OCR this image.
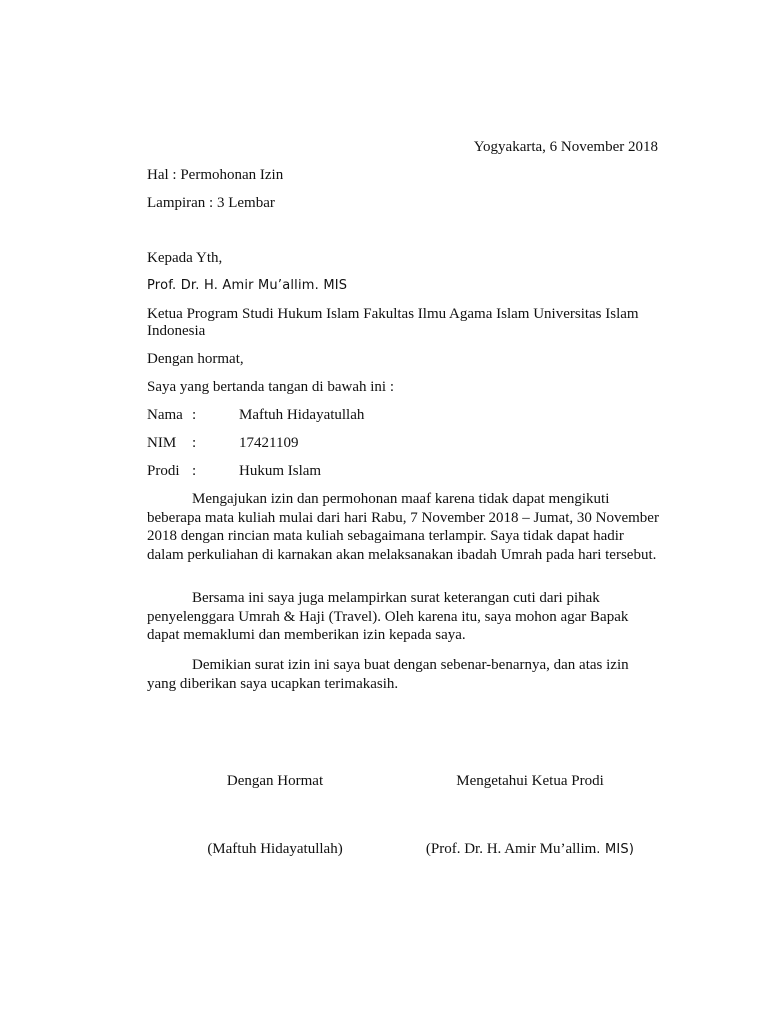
Yogyakarta, 6 November 2018
Hal : Permohonan Izin
Lampiran : 3 Lembar
Kepada Yth,
Prof. Dr. H. Amir Mu’allim. MIS
Ketua Program Studi Hukum Islam Fakultas Ilmu Agama Islam Universitas Islam
Indonesia
Dengan hormat,
Saya yang bertanda tangan di bawah ini :
Nama :	Maftuh Hidayatullah
NIM :	17421109
Prodi :	Hukum Islam

Mengajukan izin dan permohonan maaf karena tidak dapat mengikuti beberapa mata kuliah mulai dari hari Rabu, 7 November 2018 – Jumat, 30 November 2018 dengan rincian mata kuliah sebagaimana terlampir. Saya tidak dapat hadir dalam perkuliahan di karnakan akan melaksanakan ibadah Umrah pada hari tersebut.

Bersama ini saya juga melampirkan surat keterangan cuti dari pihak penyelenggara Umrah & Haji (Travel). Oleh karena itu, saya mohon agar Bapak dapat memaklumi dan memberikan izin kepada saya.

Demikian surat izin ini saya buat dengan sebenar-benarnya, dan atas izin yang diberikan saya ucapkan terimakasih.

Dengan Hormat	Mengetahui Ketua Prodi
(Maftuh Hidayatullah)	(Prof. Dr. H. Amir Mu’allim. MIS)
